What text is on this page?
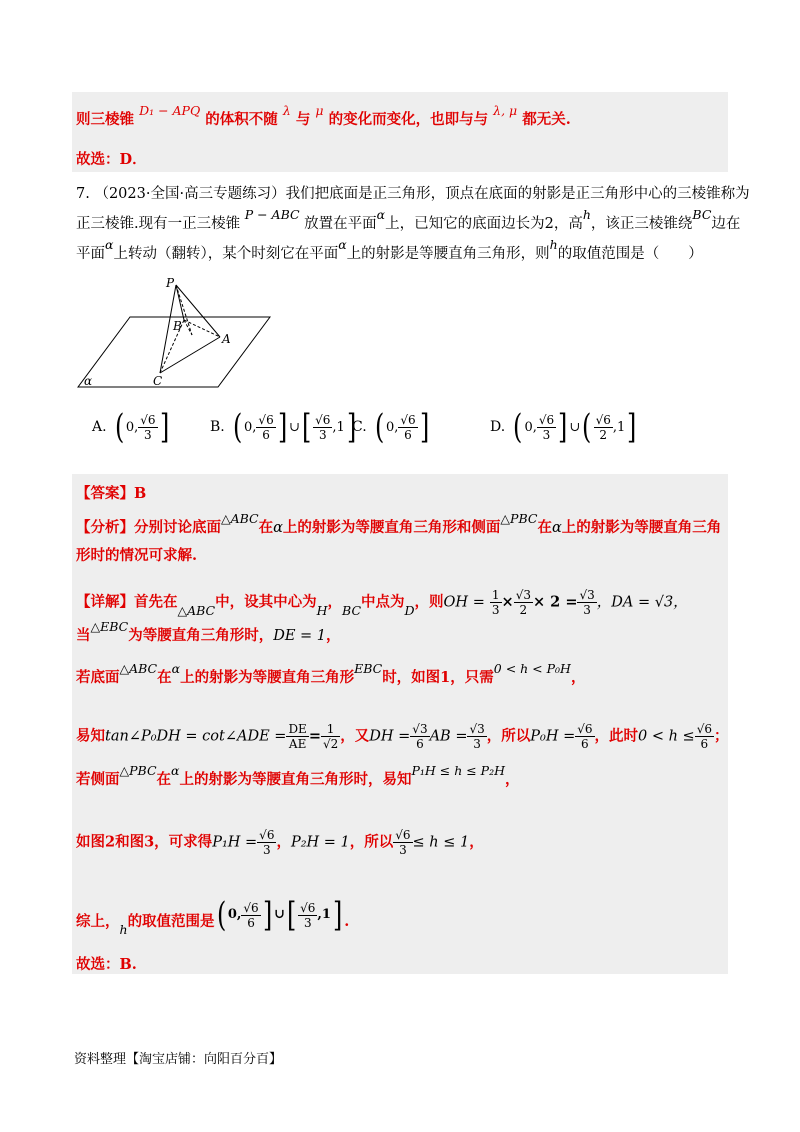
则三棱锥 D₁ − APQ 的体积不随 λ 与 μ 的变化而变化，也即与与 λ, μ 都无关.
故选：D．
7. （2023·全国·高三专题练习）我们把底面是正三角形，顶点在底面的射影是正三角形中心的三棱锥称为
正三棱锥.现有一正三棱锥 P − ABC 放置在平面α上，已知它的底面边长为2，高h，该正三棱锥绕BC边在
平面α上转动（翻转），某个时刻它在平面α上的射影是等腰直角三角形，则h的取值范围是（　　）
P
B
A
C
α
A. ( 0, $\frac{√6}{3}$ ]	B. ( 0, $\frac{√6}{6}$ ] ∪ [ $\frac{√6}{3} ,1$ ]
C. ( 0, $\frac{√6}{6}$ ]	D. ( 0, $\frac{√6}{3}$ ] ∪ ( $\frac{√6}{2} ,1$ ]
【答案】B
【分析】分别讨论底面△ABC在α上的射影为等腰直角三角形和侧面△PBC在α上的射影为等腰直角三角
形时的情况可求解.
【详解】首先在△ABC中，设其中心为H，BC中点为D，则OH = $\frac{1}{3} \times \frac{√3}{2} \times 2 = \frac{√3}{3}$ ，DA = √3，
当△EBC为等腰直角三角形时，DE = 1，
若底面△ABC在α上的射影为等腰直角三角形EBC时，如图1，只需0 < h < P₀H，
易知tan∠P₀DH = cot∠ADE = $\frac{DE}{AE} = \frac{1}{√2}$ ，又DH = $\frac{√3}{6}$ AB = $\frac{√3}{3}$ ，所以$P_0H = \frac{√6}{6}$ ，此时$0 < h \le \frac{√6}{6}$ ；
若侧面△PBC在α上的射影为等腰直角三角形时，易知P₁H ≤ h ≤ P₂H，
如图2和图3，可求得$P_1H = \frac{√6}{3}$ ，P₂H = 1，所以 $\frac{√6}{3} \le h \le 1$，
综上，h的取值范围是 ( 0, $\frac{√6}{6}$ ] ∪ [ $\frac{√6}{3} ,1$ ] .
故选：B.
资料整理【淘宝店铺：向阳百分百】
